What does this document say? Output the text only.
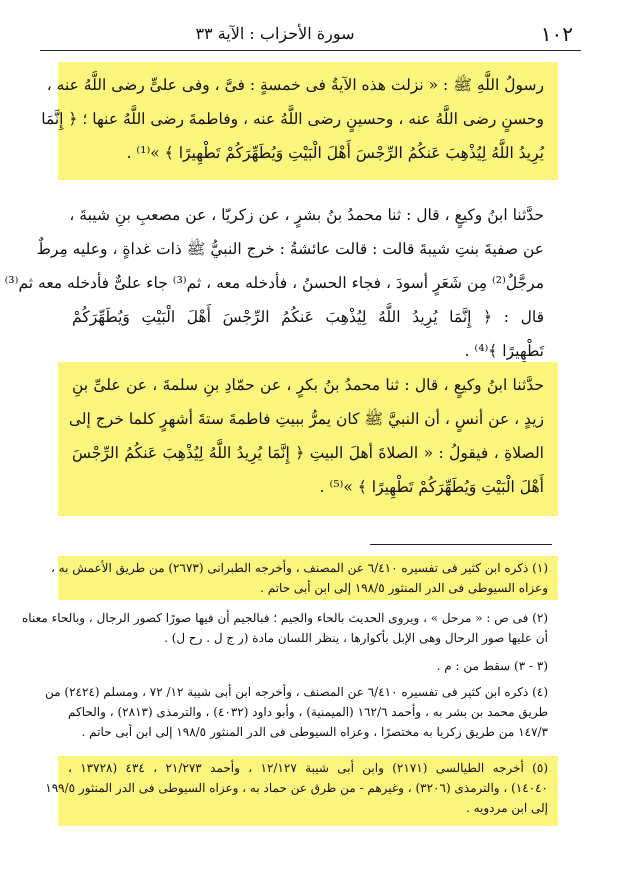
١٠٢
سورة الأحزاب : الآية ٣٣
رسولُ اللَّهِ ﷺ : « نزلت هذه الآيةُ فى خمسةٍ : فىَّ ، وفى علىٍّ رضى اللَّهُ عنه ،
وحسنٍ رضى اللَّهُ عنه ، وحسينٍ رضى اللَّهُ عنه ، وفاطمةَ رضى اللَّهُ عنها ؛ ﴿ إِنَّمَا
يُرِيدُ اللَّهُ لِيُذْهِبَ عَنكُمُ الرِّجْسَ أَهْلَ الْبَيْتِ وَيُطَهِّرَكُمْ تَطْهِيرًا ﴾ »⁽¹⁾ .
حدَّثنا ابنُ وكيعٍ ، قال : ثنا محمدُ بنُ بشرٍ ، عن زكريّا ، عن مصعبِ بنِ شيبةَ ،
عن صفيةَ بنتِ شيبةَ قالت : قالت عائشةُ : خرج النبيُّ ﷺ ذات غداةٍ ، وعليه مِرطٌ
مرجَّلٌ⁽²⁾ مِن شَعَرٍ أسودَ ، فجاء الحسنُ ، فأدخله معه ، ثم⁽³⁾ جاء علىٌّ فأدخله معه ثم⁽³⁾
قال : ﴿ إِنَّمَا يُرِيدُ اللَّهُ لِيُذْهِبَ عَنكُمُ الرِّجْسَ أَهْلَ الْبَيْتِ وَيُطَهِّرَكُمْ
تَطْهِيرًا ﴾⁽⁴⁾ .
حدَّثنا ابنُ وكيعٍ ، قال : ثنا محمدُ بنُ بكرٍ ، عن حمّادِ بنِ سلمةَ ، عن علىِّ بنِ
زيدٍ ، عن أنسٍ ، أن النبيَّ ﷺ كان يمرُّ ببيتِ فاطمةَ ستةَ أشهرٍ كلما خرج إلى
الصلاةِ ، فيقولُ : « الصلاةَ أهلَ البيتِ ﴿ إِنَّمَا يُرِيدُ اللَّهُ لِيُذْهِبَ عَنكُمُ الرِّجْسَ
أَهْلَ الْبَيْتِ وَيُطَهِّرَكُمْ تَطْهِيرًا ﴾ »⁽⁵⁾ .
(١) ذكره ابن كثير فى تفسيره ٦/٤١٠ عن المصنف ، وأخرجه الطبرانى (٢٦٧٣) من طريق الأعمش به ،
وعزاه السيوطى فى الدر المنثور ١٩٨/٥ إلى ابن أبى حاتم .
(٢) فى ص : « مرحل » ، ويروى الحديث بالحاء والجيم ؛ فبالجيم أن فيها صورًا كصور الرجال ، وبالحاء معناه
أن عليها صور الرحال وهى الإبل بأكوارها ، ينظر اللسان مادة (ر ج ل . رح ل) .
(٣ - ٣) سقط من : م .
(٤) ذكره ابن كثير فى تفسيره ٦/٤١٠ عن المصنف ، وأخرجه ابن أبى شيبة ١٢/ ٧٢ ، ومسلم (٢٤٢٤) من
طريق محمد بن بشر به ، وأحمد ١٦٢/٦ (الميمنية) ، وأبو داود (٤٠٣٢) ، والترمذى (٢٨١٣) ، والحاكم
١٤٧/٣ من طريق زكريا به مختصرًا ، وعزاه السيوطى فى الدر المنثور ١٩٨/٥ إلى ابن أبى حاتم .
(٥) أخرجه الطيالسى (٢١٧١) وابن أبى شيبة ١٢/١٢٧ ، وأحمد ٢١/٢٧٣ ، ٤٣٤ (١٣٧٢٨ ،
١٤٠٤٠) ، والترمذى (٣٢٠٦) ، وغيرهم - من طرق عن حماد به ، وعزاه السيوطى فى الدر المنثور ١٩٩/٥
إلى ابن مردويه .
